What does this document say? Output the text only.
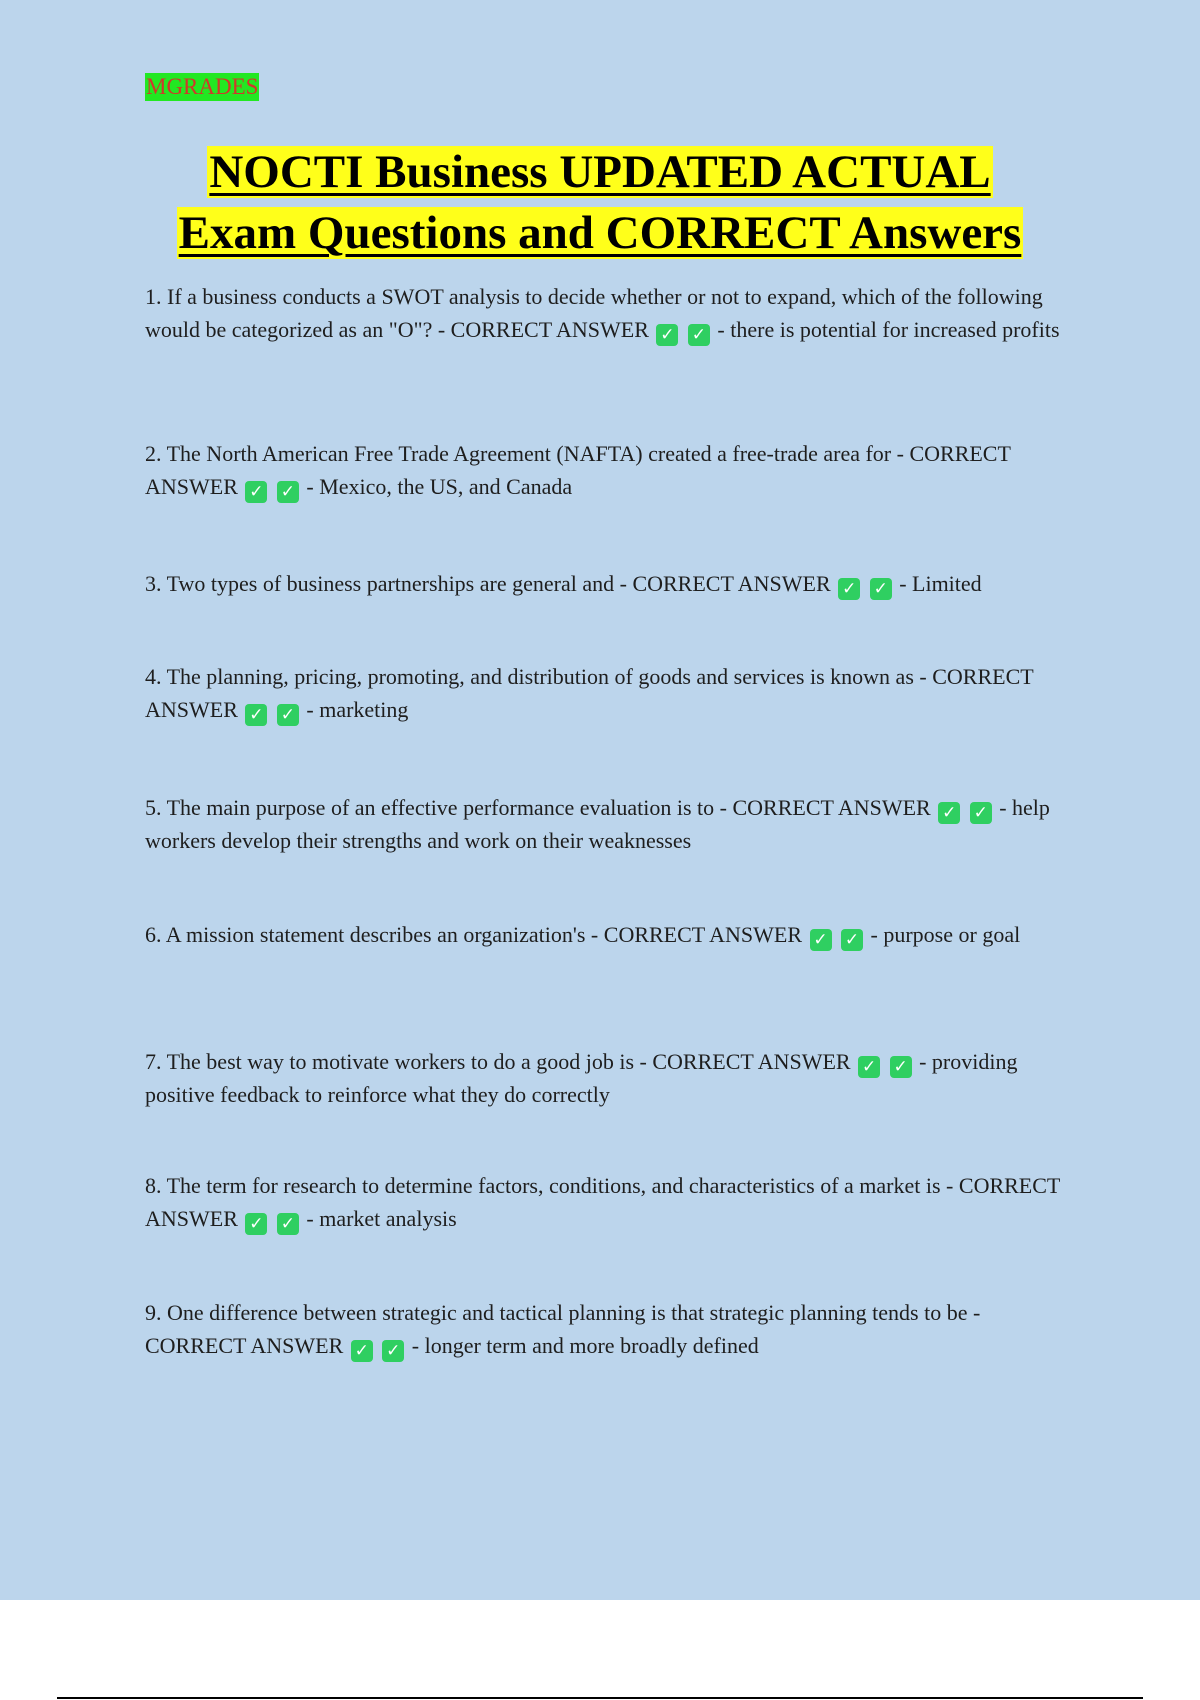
MGRADES
NOCTI Business UPDATED ACTUAL
Exam Questions and CORRECT Answers
1. If a business conducts a SWOT analysis to decide whether or not to expand, which of the following would be categorized as an "O"? - CORRECT ANSWER ✓ ✓ - there is potential for increased profits
2. The North American Free Trade Agreement (NAFTA) created a free-trade area for - CORRECT ANSWER ✓ ✓ - Mexico, the US, and Canada
3. Two types of business partnerships are general and - CORRECT ANSWER ✓ ✓ - Limited
4. The planning, pricing, promoting, and distribution of goods and services is known as - CORRECT ANSWER ✓ ✓ - marketing
5. The main purpose of an effective performance evaluation is to - CORRECT ANSWER ✓ ✓ - help workers develop their strengths and work on their weaknesses
6. A mission statement describes an organization's - CORRECT ANSWER ✓ ✓ - purpose or goal
7. The best way to motivate workers to do a good job is - CORRECT ANSWER ✓ ✓ - providing positive feedback to reinforce what they do correctly
8. The term for research to determine factors, conditions, and characteristics of a market is - CORRECT ANSWER ✓ ✓ - market analysis
9. One difference between strategic and tactical planning is that strategic planning tends to be - CORRECT ANSWER ✓ ✓ - longer term and more broadly defined
